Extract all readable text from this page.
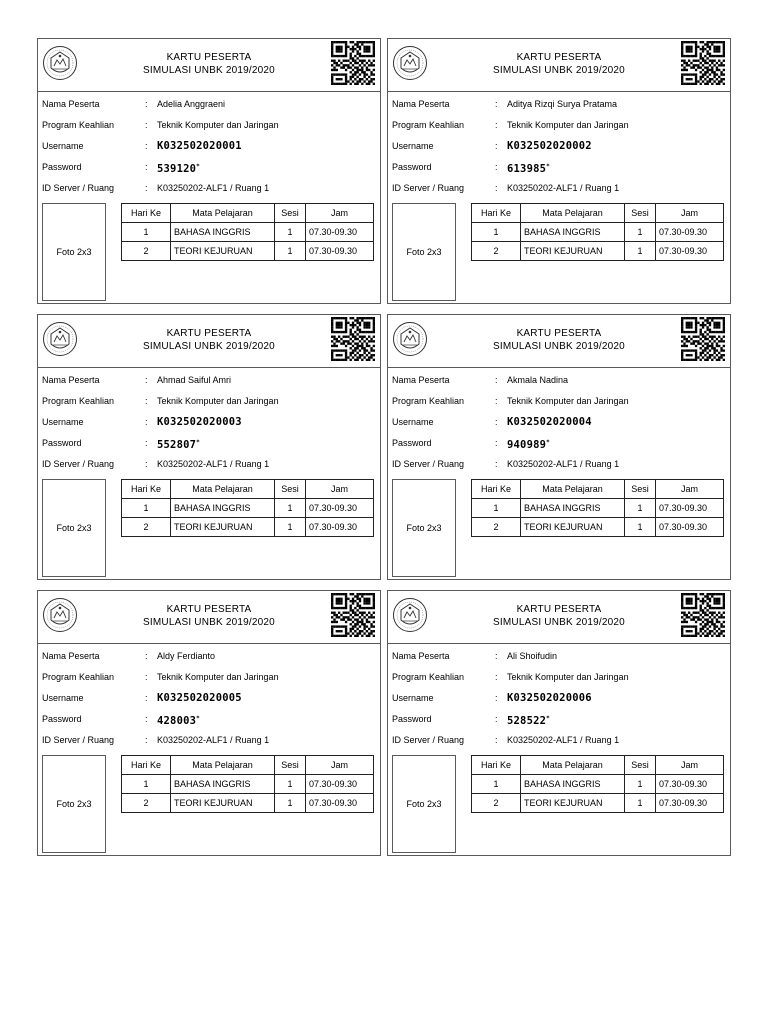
KARTU PESERTA
SIMULASI UNBK 2019/2020
Nama Peserta	: Adelia Anggraeni
Program Keahlian	: Teknik Komputer dan Jaringan
Username	: K032502020001
Password	: 539120*
ID Server / Ruang	: K03250202-ALF1 / Ruang 1
Foto 2x3
Hari Ke	Mata Pelajaran	Sesi	Jam
1	BAHASA INGGRIS	1	07.30-09.30
2	TEORI KEJURUAN	1	07.30-09.30
KARTU PESERTA
SIMULASI UNBK 2019/2020
Nama Peserta	: Aditya Rizqi Surya Pratama
Program Keahlian	: Teknik Komputer dan Jaringan
Username	: K032502020002
Password	: 613985*
ID Server / Ruang	: K03250202-ALF1 / Ruang 1
Foto 2x3
Hari Ke	Mata Pelajaran	Sesi	Jam
1	BAHASA INGGRIS	1	07.30-09.30
2	TEORI KEJURUAN	1	07.30-09.30
KARTU PESERTA
SIMULASI UNBK 2019/2020
Nama Peserta	: Ahmad Saiful Amri
Program Keahlian	: Teknik Komputer dan Jaringan
Username	: K032502020003
Password	: 552807*
ID Server / Ruang	: K03250202-ALF1 / Ruang 1
Foto 2x3
Hari Ke	Mata Pelajaran	Sesi	Jam
1	BAHASA INGGRIS	1	07.30-09.30
2	TEORI KEJURUAN	1	07.30-09.30
KARTU PESERTA
SIMULASI UNBK 2019/2020
Nama Peserta	: Akmala Nadina
Program Keahlian	: Teknik Komputer dan Jaringan
Username	: K032502020004
Password	: 940989*
ID Server / Ruang	: K03250202-ALF1 / Ruang 1
Foto 2x3
Hari Ke	Mata Pelajaran	Sesi	Jam
1	BAHASA INGGRIS	1	07.30-09.30
2	TEORI KEJURUAN	1	07.30-09.30
KARTU PESERTA
SIMULASI UNBK 2019/2020
Nama Peserta	: Aldy Ferdianto
Program Keahlian	: Teknik Komputer dan Jaringan
Username	: K032502020005
Password	: 428003*
ID Server / Ruang	: K03250202-ALF1 / Ruang 1
Foto 2x3
Hari Ke	Mata Pelajaran	Sesi	Jam
1	BAHASA INGGRIS	1	07.30-09.30
2	TEORI KEJURUAN	1	07.30-09.30
KARTU PESERTA
SIMULASI UNBK 2019/2020
Nama Peserta	: Ali Shoifudin
Program Keahlian	: Teknik Komputer dan Jaringan
Username	: K032502020006
Password	: 528522*
ID Server / Ruang	: K03250202-ALF1 / Ruang 1
Foto 2x3
Hari Ke	Mata Pelajaran	Sesi	Jam
1	BAHASA INGGRIS	1	07.30-09.30
2	TEORI KEJURUAN	1	07.30-09.30
